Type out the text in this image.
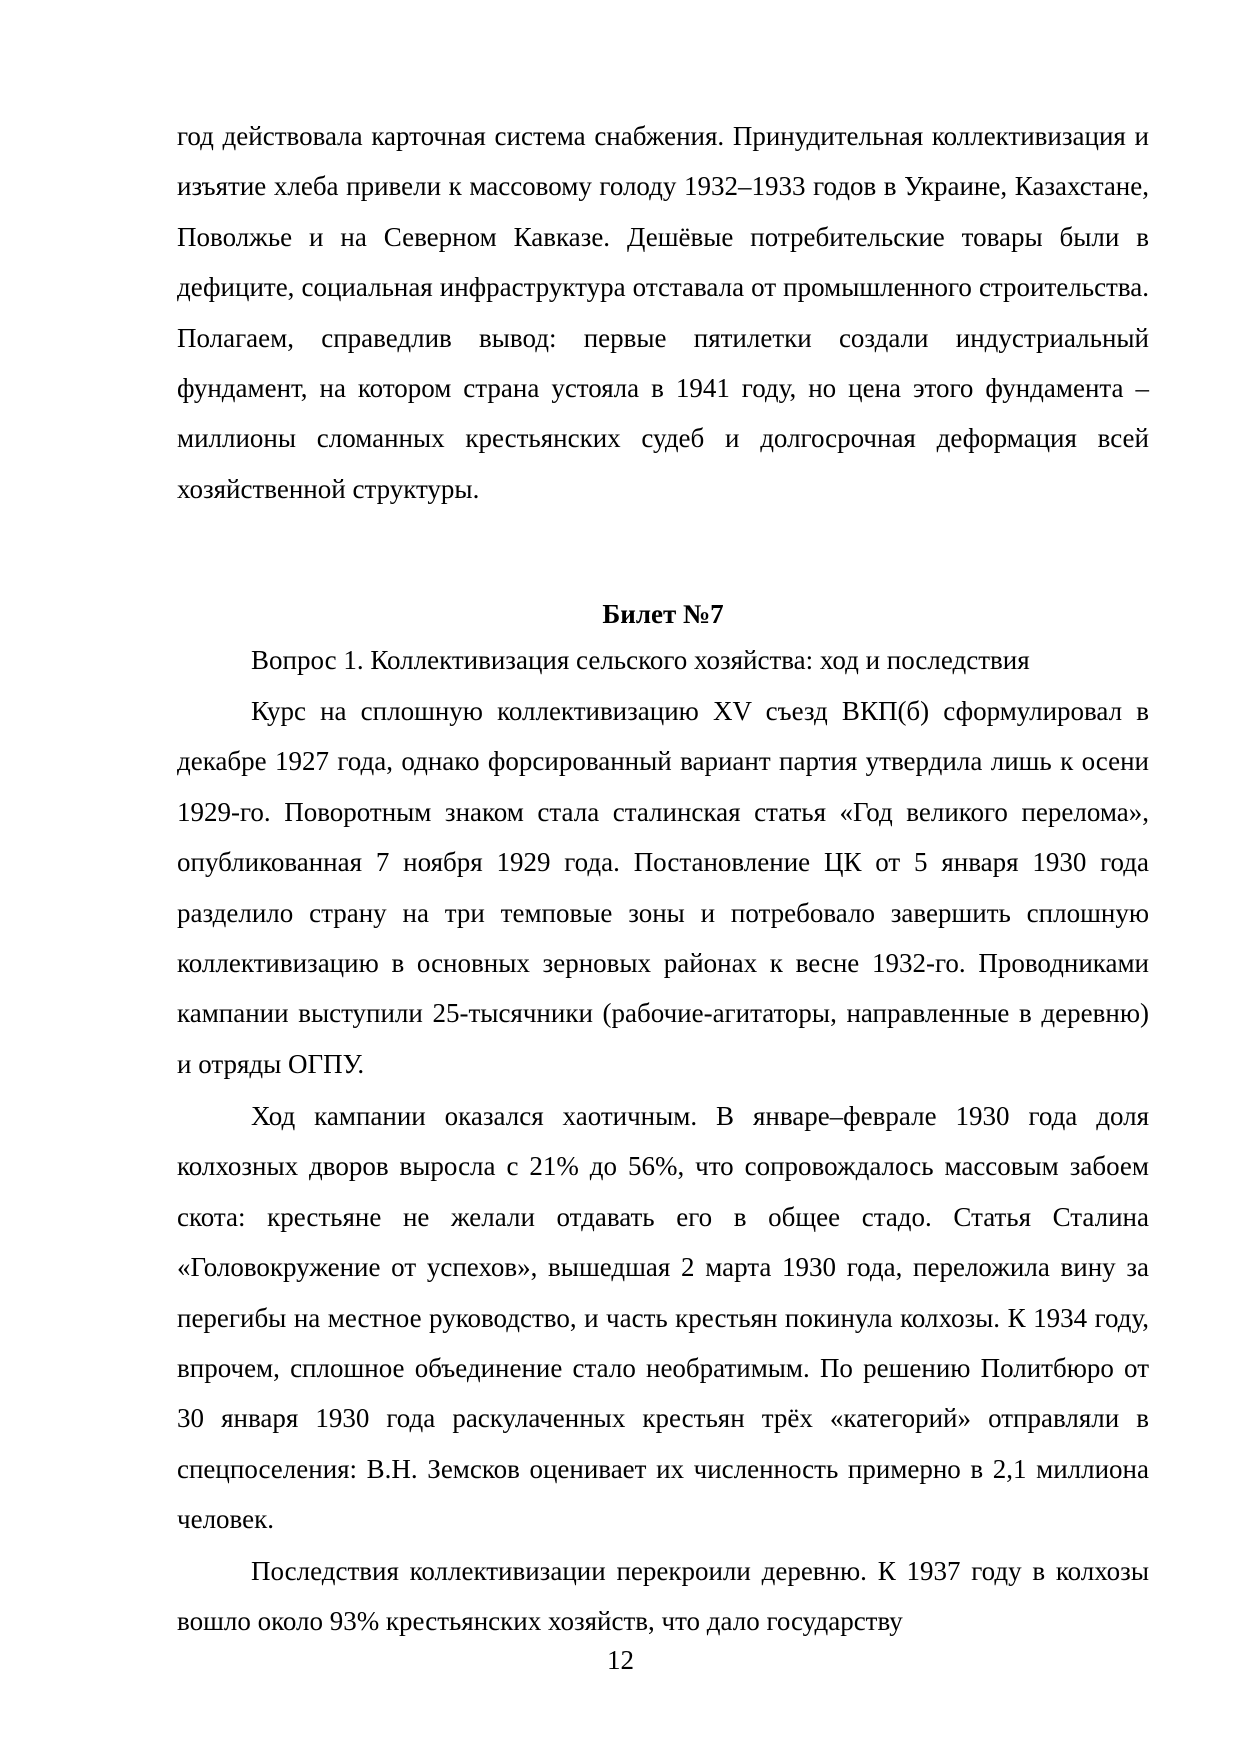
год действовала карточная система снабжения. Принудительная коллективизация и изъятие хлеба привели к массовому голоду 1932–1933 годов в Украине, Казахстане, Поволжье и на Северном Кавказе. Дешёвые потребительские товары были в дефиците, социальная инфраструктура отставала от промышленного строительства. Полагаем, справедлив вывод: первые пятилетки создали индустриальный фундамент, на котором страна устояла в 1941 году, но цена этого фундамента – миллионы сломанных крестьянских судеб и долгосрочная деформация всей хозяйственной структуры.

Билет №7

Вопрос 1. Коллективизация сельского хозяйства: ход и последствия

Курс на сплошную коллективизацию XV съезд ВКП(б) сформулировал в декабре 1927 года, однако форсированный вариант партия утвердила лишь к осени 1929-го. Поворотным знаком стала сталинская статья «Год великого перелома», опубликованная 7 ноября 1929 года. Постановление ЦК от 5 января 1930 года разделило страну на три темповые зоны и потребовало завершить сплошную коллективизацию в основных зерновых районах к весне 1932-го. Проводниками кампании выступили 25-тысячники (рабочие-агитаторы, направленные в деревню) и отряды ОГПУ.

Ход кампании оказался хаотичным. В январе–феврале 1930 года доля колхозных дворов выросла с 21% до 56%, что сопровождалось массовым забоем скота: крестьяне не желали отдавать его в общее стадо. Статья Сталина «Головокружение от успехов», вышедшая 2 марта 1930 года, переложила вину за перегибы на местное руководство, и часть крестьян покинула колхозы. К 1934 году, впрочем, сплошное объединение стало необратимым. По решению Политбюро от 30 января 1930 года раскулаченных крестьян трёх «категорий» отправляли в спецпоселения: В.Н. Земсков оценивает их численность примерно в 2,1 миллиона человек.

Последствия коллективизации перекроили деревню. К 1937 году в колхозы вошло около 93% крестьянских хозяйств, что дало государству

12
